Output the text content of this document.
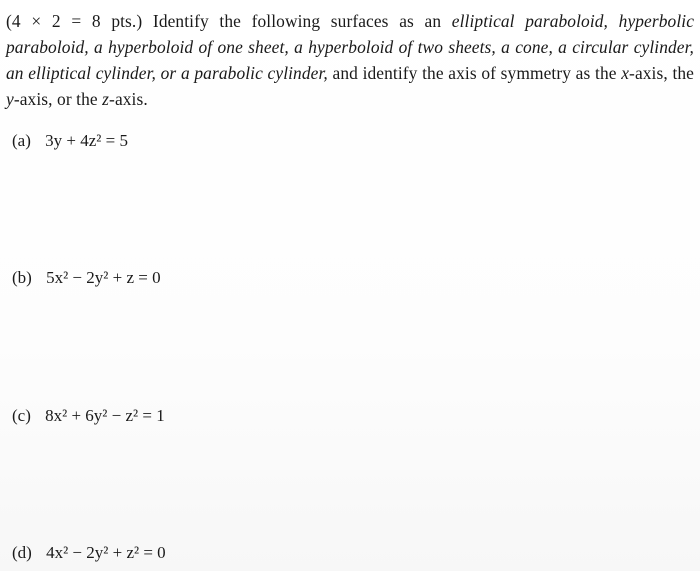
(4 × 2 = 8 pts.) Identify the following surfaces as an elliptical paraboloid, hyperbolic paraboloid, a hyperboloid of one sheet, a hyperboloid of two sheets, a cone, a circular cylinder, an elliptical cylinder, or a parabolic cylinder, and identify the axis of symmetry as the x-axis, the y-axis, or the z-axis.

(a) 3y + 4z² = 5
(b) 5x² − 2y² + z = 0
(c) 8x² + 6y² − z² = 1
(d) 4x² − 2y² + z² = 0
